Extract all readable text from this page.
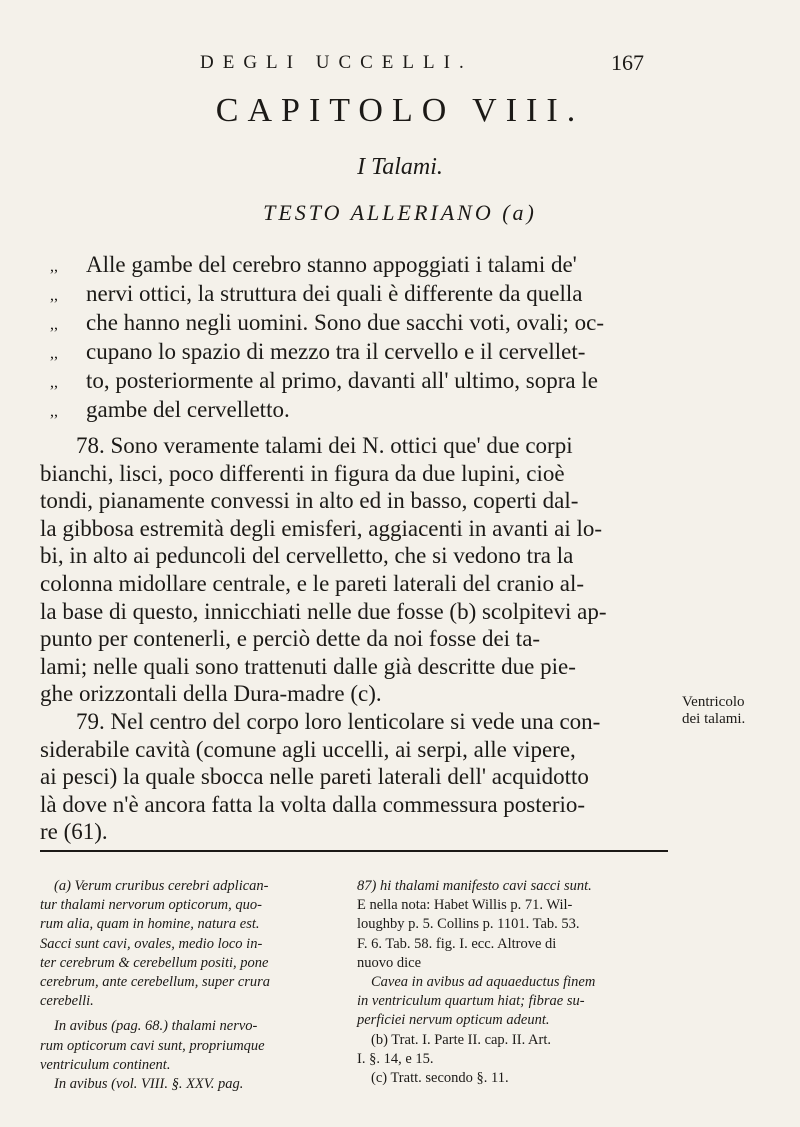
DEGLI UCCELLI.	167
CAPITOLO VIII.
I Talami.
TESTO ALLERIANO (a)
,, Alle gambe del cerebro stanno appoggiati i talami de'
,, nervi ottici, la struttura dei quali è differente da quella
,, che hanno negli uomini. Sono due sacchi voti, ovali; oc-
,, cupano lo spazio di mezzo tra il cervello e il cervellet-
,, to, posteriormente al primo, davanti all' ultimo, sopra le
,, gambe del cervelletto.
78. Sono veramente talami dei N. ottici que' due corpi
bianchi, lisci, poco differenti in figura da due lupini, cioè
tondi, pianamente convessi in alto ed in basso, coperti dal-
la gibbosa estremità degli emisferi, aggiacenti in avanti ai lo-
bi, in alto ai peduncoli del cervelletto, che si vedono tra la
colonna midollare centrale, e le pareti laterali del cranio al-
la base di questo, innicchiati nelle due fosse (b) scolpitevi ap-
punto per contenerli, e perciò dette da noi fosse dei ta-
lami; nelle quali sono trattenuti dalle già descritte due pie-
ghe orizzontali della Dura-madre (c).
79. Nel centro del corpo loro lenticolare si vede una con-
siderabile cavità (comune agli uccelli, ai serpi, alle vipere,
ai pesci) la quale sbocca nelle pareti laterali dell' acquidotto
là dove n'è ancora fatta la volta dalla commessura posterio-
re (61).
Ventricolo
dei talami.
(a) Verum cruribus cerebri adplican-
tur thalami nervorum opticorum, quo-
rum alia, quam in homine, natura est.
Sacci sunt cavi, ovales, medio loco in-
ter cerebrum & cerebellum positi, pone
cerebrum, ante cerebellum, super crura
cerebelli.
In avibus (pag. 68.) thalami nervo-
rum opticorum cavi sunt, propriumque
ventriculum continent.
In avibus (vol. VIII. §. XXV. pag.
87) hi thalami manifesto cavi sacci sunt.
E nella nota: Habet Willis p. 71. Wil-
loughby p. 5. Collins p. 1101. Tab. 53.
F. 6. Tab. 58. fig. I. ecc. Altrove di
nuovo dice
Cavea in avibus ad aquaeductus finem
in ventriculum quartum hiat; fibrae su-
perficiei nervum opticum adeunt.
(b) Trat. I. Parte II. cap. II. Art.
I. §. 14, e 15.
(c) Tratt. secondo §. 11.
